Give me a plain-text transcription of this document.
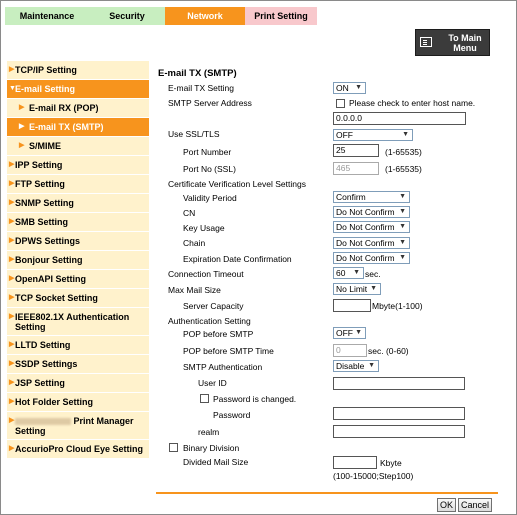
Maintenance	Security	Network	Print Setting
To Main Menu
▶ TCP/IP Setting
▼ E-mail Setting
▶ E-mail RX (POP)
▶ E-mail TX (SMTP)
▶ S/MIME
▶ IPP Setting
▶ FTP Setting
▶ SNMP Setting
▶ SMB Setting
▶ DPWS Settings
▶ Bonjour Setting
▶ OpenAPI Setting
▶ TCP Socket Setting
▶ IEEE802.1X Authentication Setting
▶ LLTD Setting
▶ SSDP Settings
▶ JSP Setting
▶ Hot Folder Setting
▶	Print Manager Setting
▶ AccurioPro Cloud Eye Setting
E-mail TX (SMTP)
E-mail TX Setting	ON ▼
SMTP Server Address	Please check to enter host name.
0.0.0.0
Use SSL/TLS	OFF	▼
Port Number	25	(1-65535)
Port No (SSL)	465	(1-65535)
Certificate Verification Level Settings
Validity Period	Confirm	▼
CN	Do Not Confirm ▼
Key Usage	Do Not Confirm ▼
Chain	Do Not Confirm ▼
Expiration Date Confirmation	Do Not Confirm ▼
Connection Timeout	60 ▼ sec.
Max Mail Size	No Limit ▼
Server Capacity	Mbyte(1-100)
Authentication Setting
POP before SMTP	OFF ▼
POP before SMTP Time	0	sec. (0-60)
SMTP Authentication	Disable ▼
User ID
Password is changed.
Password
realm
Binary Division
Divided Mail Size	Kbyte
(100-15000;Step100)
OK Cancel
